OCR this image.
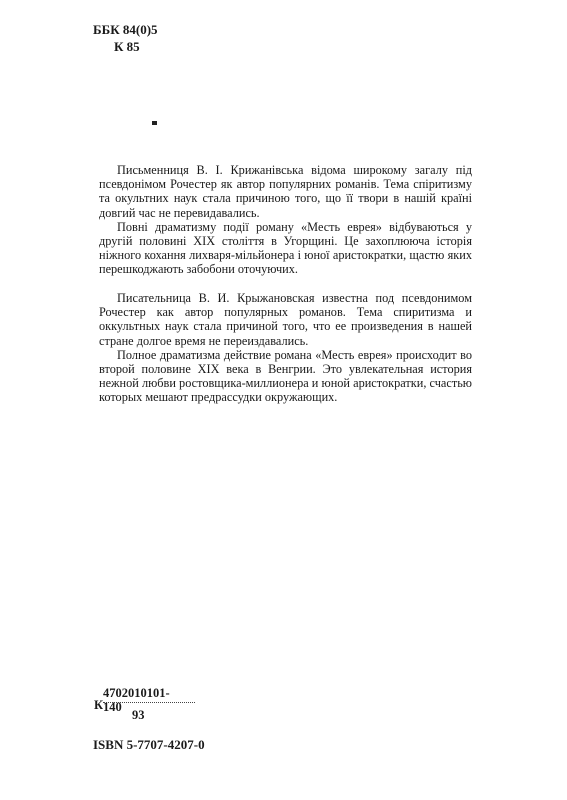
ББК 84(0)5
К 85

Письменниця В. І. Крижанівська відома широкому загалу під псевдонімом Рочестер як автор популярних романів. Тема спіритизму та окультних наук стала причиною того, що її твори в нашій країні довгий час не перевидавались.

Повні драматизму події роману «Месть еврея» відбуваються у другій половині XIX століття в Угорщині. Це захоплююча історія ніжного кохання лихваря-мільйонера і юної аристократки, щастю яких перешкоджають забобони оточуючих.

Писательница В. И. Крыжановская известна под псевдонимом Рочестер как автор популярных романов. Тема спиритизма и оккультных наук стала причиной того, что ее произведения в нашей стране долгое время не переиздавались.

Полное драматизма действие романа «Месть еврея» происходит во второй половине XIX века в Венгрии. Это увлекательная история нежной любви ростовщика-миллионера и юной аристократки, счастью которых мешают предрассудки окружающих.

К
4702010101-140
93
ISBN 5-7707-4207-0
